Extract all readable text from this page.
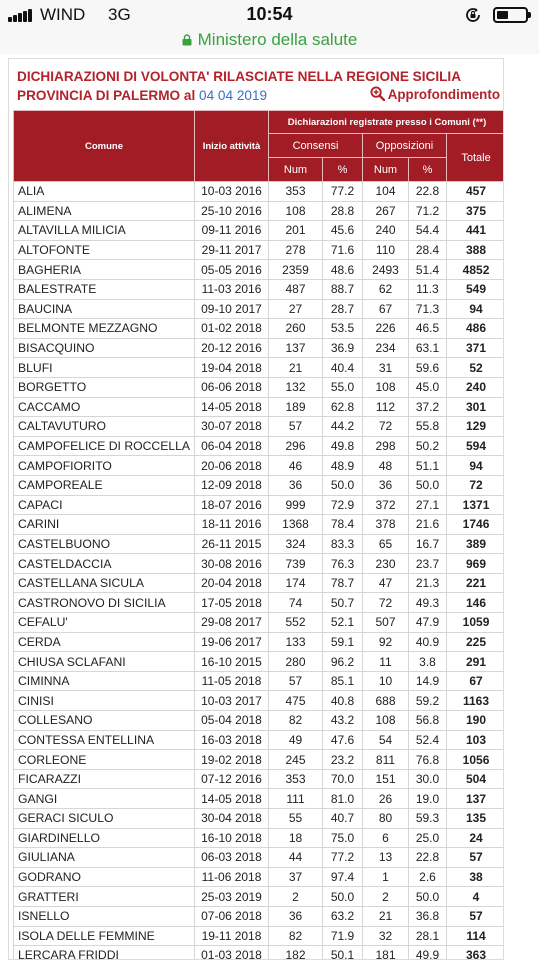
WIND 3G	10:54
Ministero della salute
DICHIARAZIONI DI VOLONTA' RILASCIATE NELLA REGIONE SICILIA
PROVINCIA DI PALERMO al 04 04 2019	Approfondimento
Comune	Inizio attività	Dichiarazioni registrate presso i Comuni (**)				
		Consensi		Opposizioni		Totale
		Num	%	Num	%	
ALIA	10-03 2016	353	77.2	104	22.8	457
ALIMENA	25-10 2016	108	28.8	267	71.2	375
ALTAVILLA MILICIA	09-11 2016	201	45.6	240	54.4	441
ALTOFONTE	29-11 2017	278	71.6	110	28.4	388
BAGHERIA	05-05 2016	2359	48.6	2493	51.4	4852
BALESTRATE	11-03 2016	487	88.7	62	11.3	549
BAUCINA	09-10 2017	27	28.7	67	71.3	94
BELMONTE MEZZAGNO	01-02 2018	260	53.5	226	46.5	486
BISACQUINO	20-12 2016	137	36.9	234	63.1	371
BLUFI	19-04 2018	21	40.4	31	59.6	52
BORGETTO	06-06 2018	132	55.0	108	45.0	240
CACCAMO	14-05 2018	189	62.8	112	37.2	301
CALTAVUTURO	30-07 2018	57	44.2	72	55.8	129
CAMPOFELICE DI ROCCELLA	06-04 2018	296	49.8	298	50.2	594
CAMPOFIORITO	20-06 2018	46	48.9	48	51.1	94
CAMPOREALE	12-09 2018	36	50.0	36	50.0	72
CAPACI	18-07 2016	999	72.9	372	27.1	1371
CARINI	18-11 2016	1368	78.4	378	21.6	1746
CASTELBUONO	26-11 2015	324	83.3	65	16.7	389
CASTELDACCIA	30-08 2016	739	76.3	230	23.7	969
CASTELLANA SICULA	20-04 2018	174	78.7	47	21.3	221
CASTRONOVO DI SICILIA	17-05 2018	74	50.7	72	49.3	146
CEFALU'	29-08 2017	552	52.1	507	47.9	1059
CERDA	19-06 2017	133	59.1	92	40.9	225
CHIUSA SCLAFANI	16-10 2015	280	96.2	11	3.8	291
CIMINNA	11-05 2018	57	85.1	10	14.9	67
CINISI	10-03 2017	475	40.8	688	59.2	1163
COLLESANO	05-04 2018	82	43.2	108	56.8	190
CONTESSA ENTELLINA	16-03 2018	49	47.6	54	52.4	103
CORLEONE	19-02 2018	245	23.2	811	76.8	1056
FICARAZZI	07-12 2016	353	70.0	151	30.0	504
GANGI	14-05 2018	111	81.0	26	19.0	137
GERACI SICULO	30-04 2018	55	40.7	80	59.3	135
GIARDINELLO	16-10 2018	18	75.0	6	25.0	24
GIULIANA	06-03 2018	44	77.2	13	22.8	57
GODRANO	11-06 2018	37	97.4	1	2.6	38
GRATTERI	25-03 2019	2	50.0	2	50.0	4
ISNELLO	07-06 2018	36	63.2	21	36.8	57
ISOLA DELLE FEMMINE	19-11 2018	82	71.9	32	28.1	114
LERCARA FRIDDI	01-03 2018	182	50.1	181	49.9	363
